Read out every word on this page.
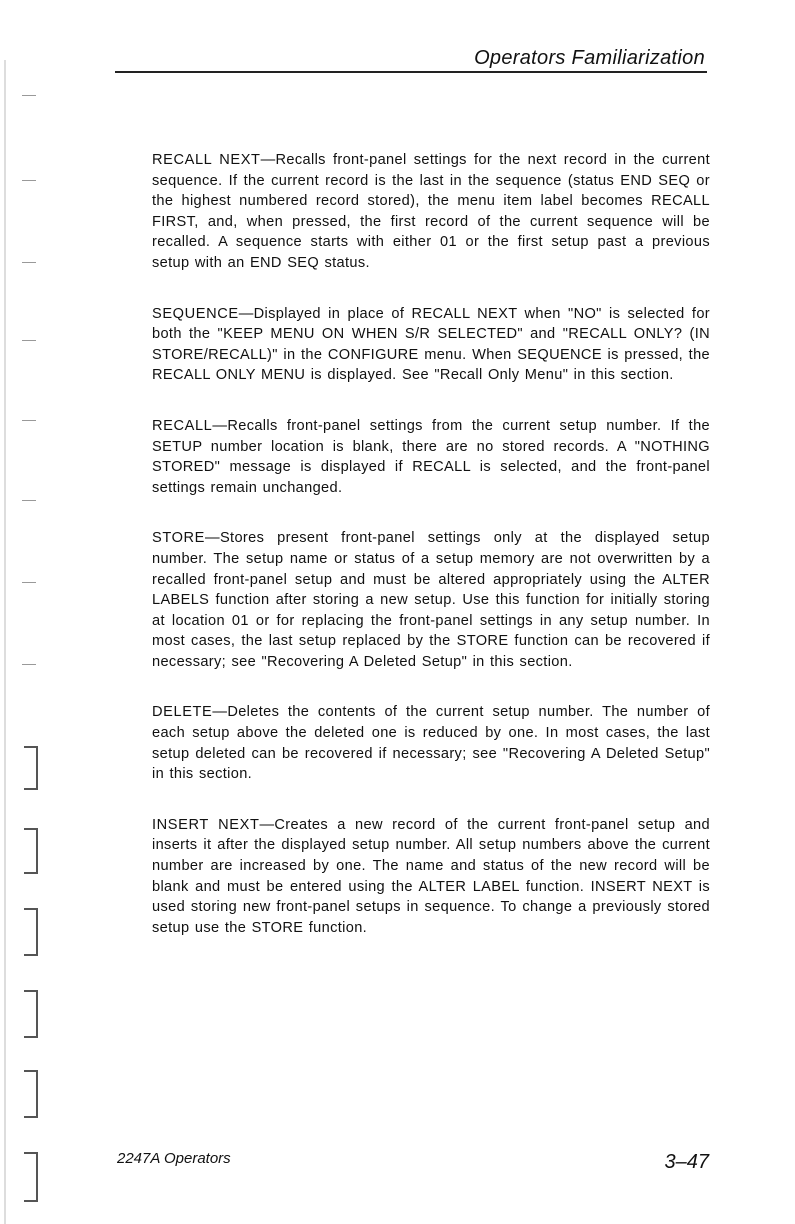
Operators Familiarization

RECALL NEXT—Recalls front-panel settings for the next record in the current sequence. If the current record is the last in the sequence (status END SEQ or the highest numbered record stored), the menu item label becomes RECALL FIRST, and, when pressed, the first record of the current sequence will be recalled. A sequence starts with either 01 or the first setup past a previous setup with an END SEQ status.

SEQUENCE—Displayed in place of RECALL NEXT when "NO" is selected for both the "KEEP MENU ON WHEN S/R SELECTED" and "RECALL ONLY? (IN STORE/RECALL)" in the CONFIGURE menu. When SEQUENCE is pressed, the RECALL ONLY MENU is displayed. See "Recall Only Menu" in this section.

RECALL—Recalls front-panel settings from the current setup number. If the SETUP number location is blank, there are no stored records. A "NOTHING STORED" message is displayed if RECALL is selected, and the front-panel settings remain unchanged.

STORE—Stores present front-panel settings only at the displayed setup number. The setup name or status of a setup memory are not overwritten by a recalled front-panel setup and must be altered appropriately using the ALTER LABELS function after storing a new setup. Use this function for initially storing at location 01 or for replacing the front-panel settings in any setup number. In most cases, the last setup replaced by the STORE function can be recovered if necessary; see "Recovering A Deleted Setup" in this section.

DELETE—Deletes the contents of the current setup number. The number of each setup above the deleted one is reduced by one. In most cases, the last setup deleted can be recovered if necessary; see "Recovering A Deleted Setup" in this section.

INSERT NEXT—Creates a new record of the current front-panel setup and inserts it after the displayed setup number. All setup numbers above the current number are increased by one. The name and status of the new record will be blank and must be entered using the ALTER LABEL function. INSERT NEXT is used storing new front-panel setups in sequence. To change a previously stored setup use the STORE function.

2247A Operators	3–47
